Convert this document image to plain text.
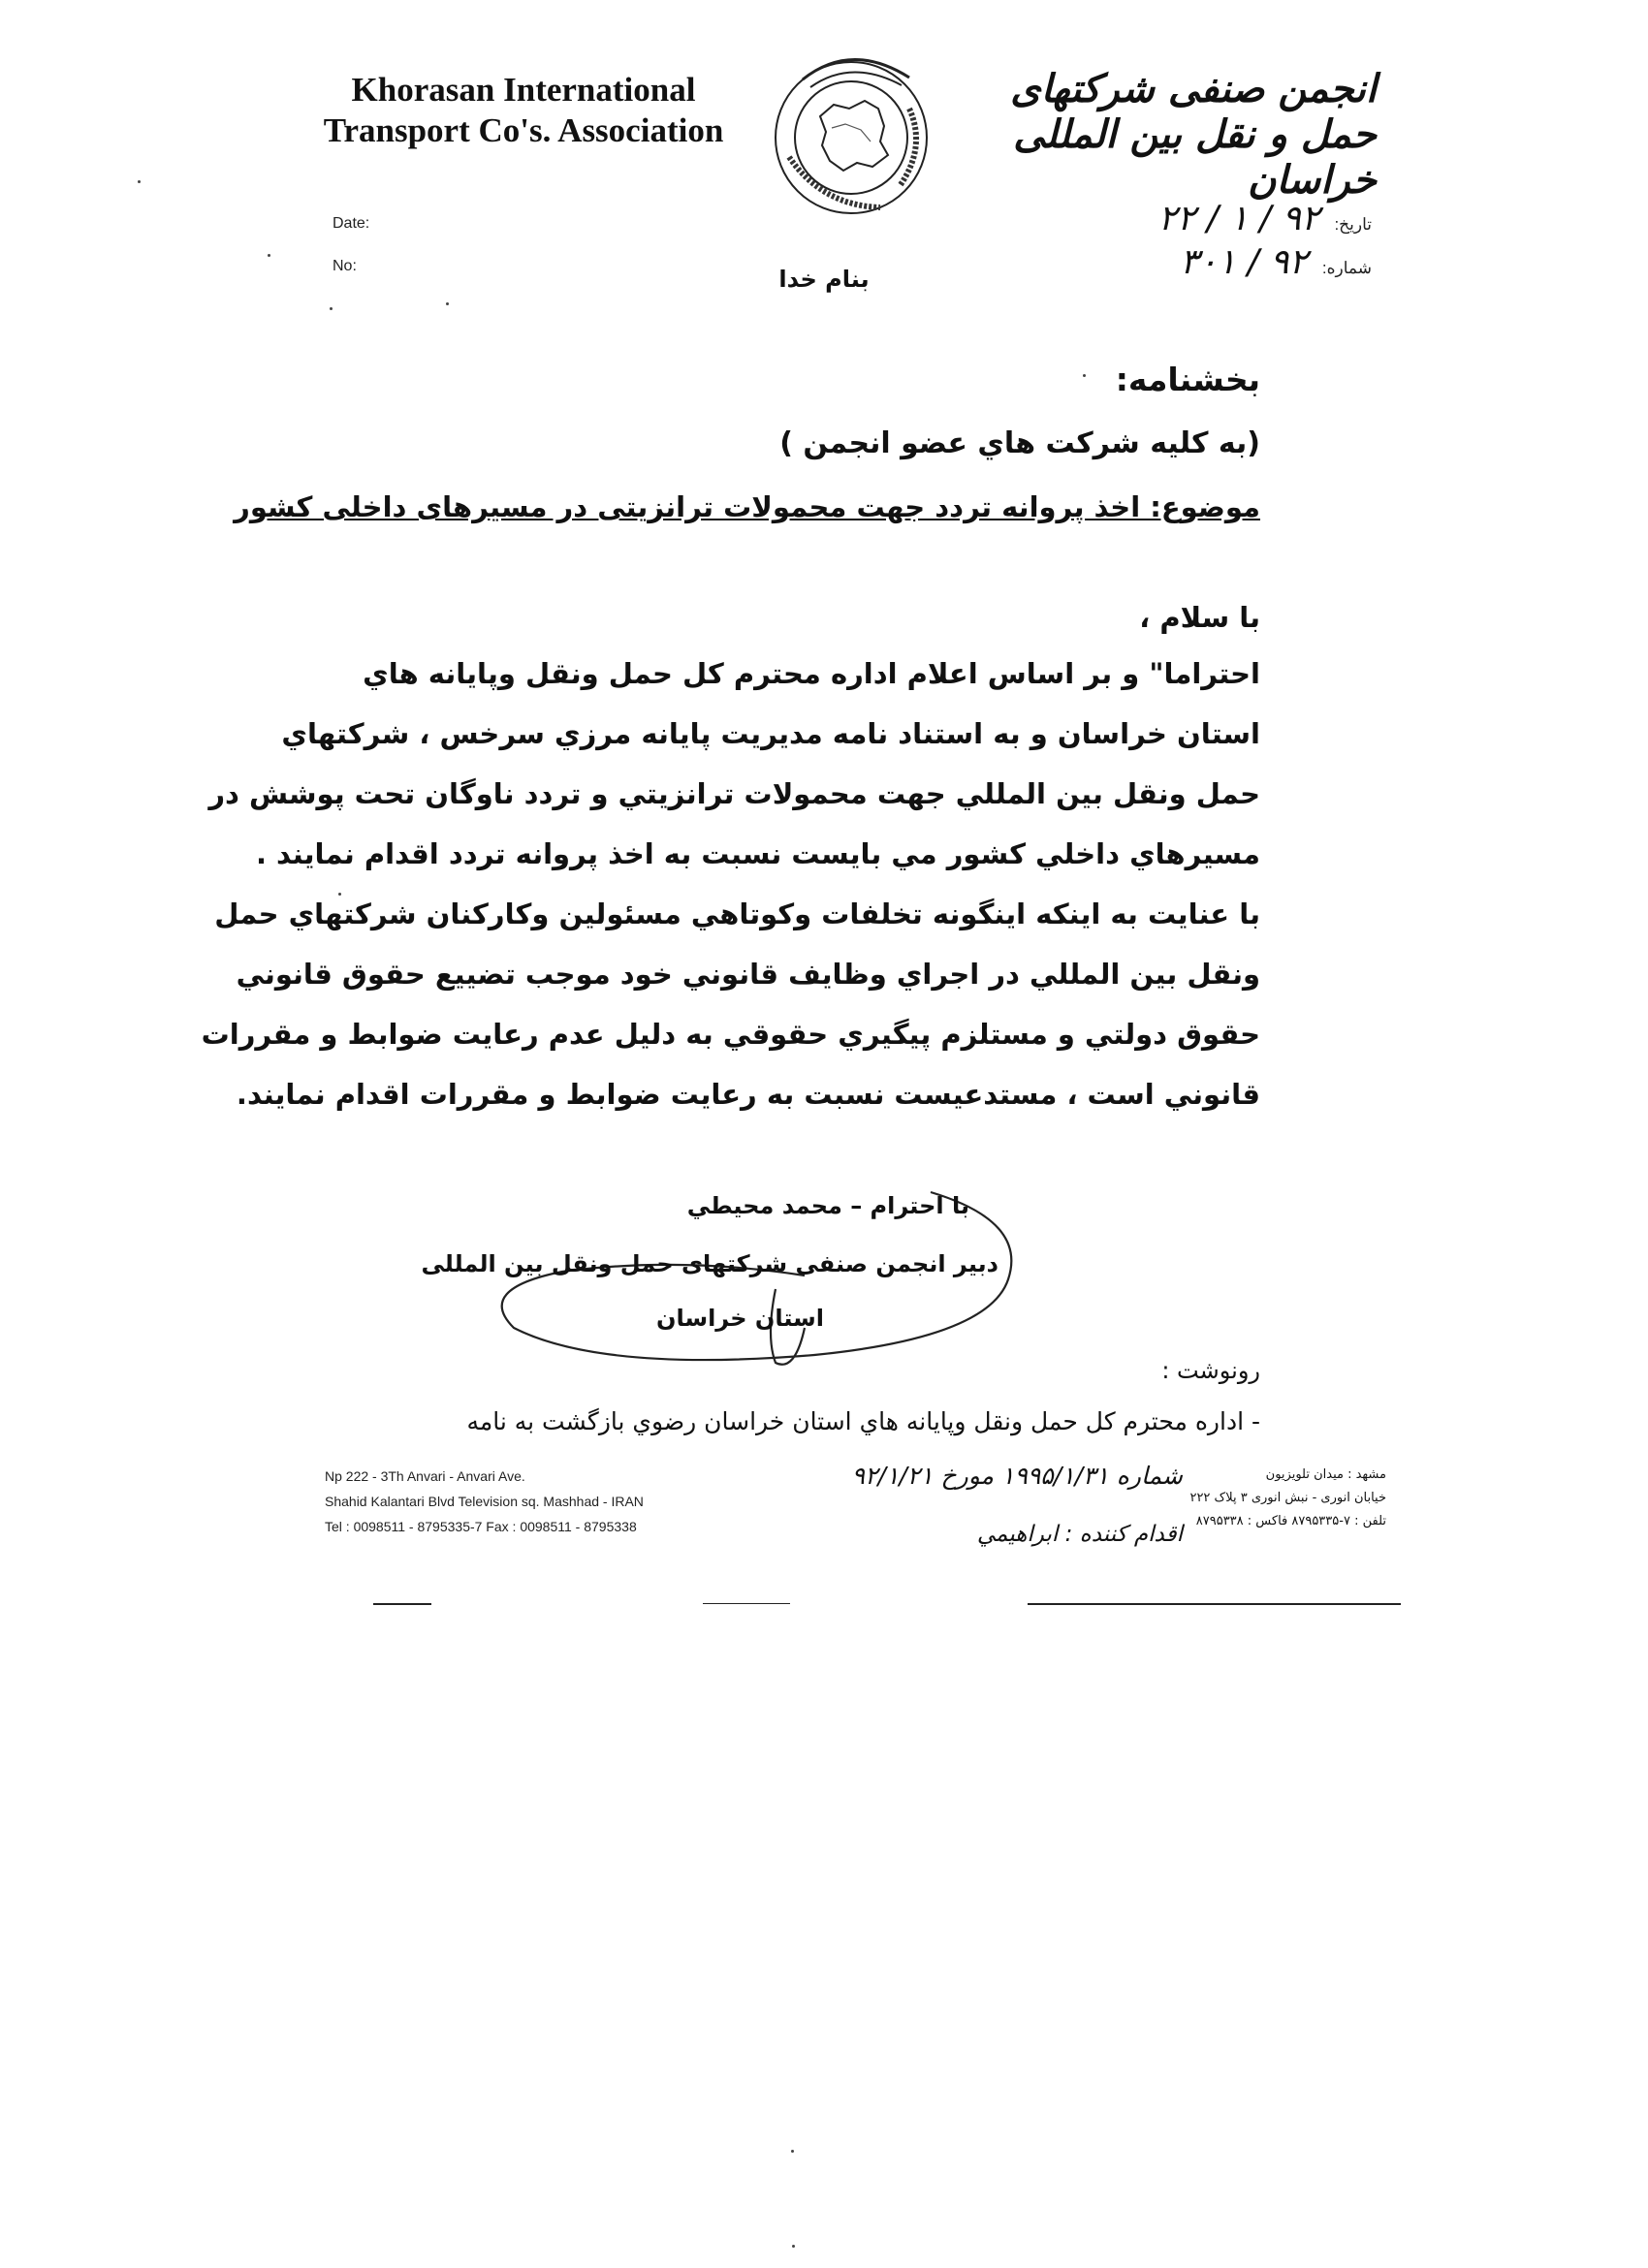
Khorasan International
Transport Co's. Association
انجمن صنفی شرکتهای حمل و نقل بین المللی خراسان
Date:
No:
تاریخ: ۹۲ / ۱ / ۲۲
شماره: ۹۲ / ۳۰۱
بنام خدا
بخشنامه:
(به کلیه شرکت هاي عضو انجمن )
موضوع: اخذ پروانه تردد جهت محمولات ترانزیتی در مسیرهای داخلی کشور
با سلام ،
احتراما" و بر اساس اعلام اداره محترم کل حمل ونقل وپایانه هاي
استان خراسان و به استناد نامه مدیریت پایانه مرزي سرخس ، شرکتهاي
حمل ونقل بین المللي جهت محمولات ترانزیتي و تردد ناوگان تحت پوشش در
مسیرهاي داخلي کشور مي بایست نسبت به اخذ پروانه تردد اقدام نمایند .
با عنایت به اینکه اینگونه تخلفات وکوتاهي مسئولین وکارکنان شرکتهاي حمل
ونقل بین المللي در اجراي وظایف قانوني خود موجب تضییع حقوق قانوني
حقوق دولتي و مستلزم پیگیري حقوقي به دلیل عدم رعایت ضوابط و مقررات
قانوني است ، مستدعیست نسبت به رعایت ضوابط و مقررات اقدام نمایند.
با احترام – محمد محیطي
دبیر انجمن صنفی شرکتهای حمل ونقل بین المللی
استان خراسان
رونوشت :
- اداره محترم کل حمل ونقل وپایانه هاي استان خراسان رضوي بازگشت به نامه
شماره ۱۹۹۵/۱/۳۱ مورخ ۹۲/۱/۲۱
اقدام کننده : ابراهیمي
Np 222 - 3Th Anvari - Anvari Ave.
Shahid Kalantari Blvd Television sq. Mashhad - IRAN
Tel : 0098511 - 8795335-7 Fax : 0098511 - 8795338
مشهد : میدان تلویزیون
خیابان انوری - نبش انوری ۳ پلاک ۲۲۲
تلفن : ۷-۸۷۹۵۳۳۵ فاکس : ۸۷۹۵۳۳۸
